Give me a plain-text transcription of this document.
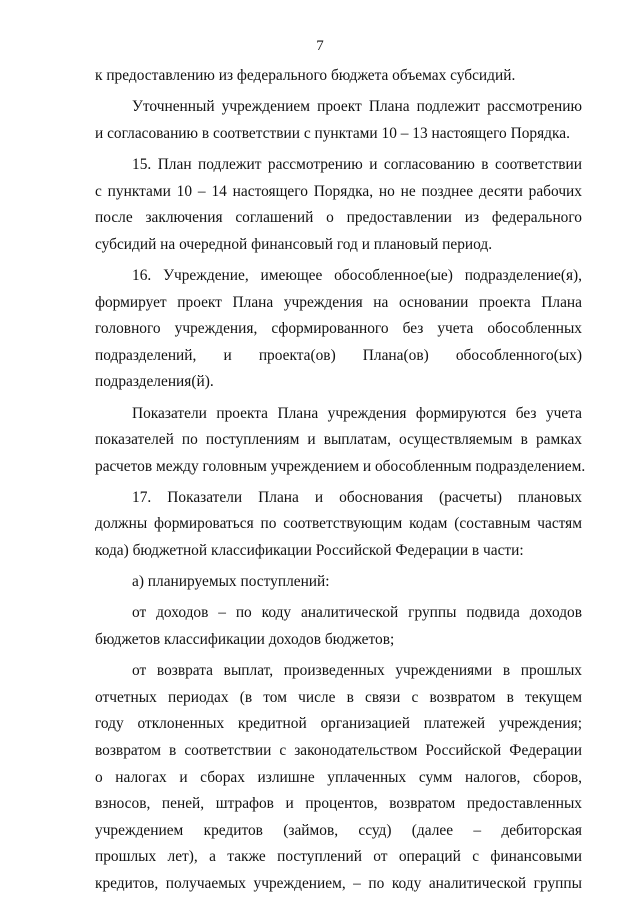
7
к предоставлению из федерального бюджета объемах субсидий.
Уточненный учреждением проект Плана подлежит рассмотрению
и согласованию в соответствии с пунктами 10 – 13 настоящего Порядка.
15. План подлежит рассмотрению и согласованию в соответствии
с пунктами 10 – 14 настоящего Порядка, но не позднее десяти рабочих
после заключения соглашений о предоставлении из федерального
субсидий на очередной финансовый год и плановый период.
16. Учреждение, имеющее обособленное(ые) подразделение(я),
формирует проект Плана учреждения на основании проекта Плана
головного учреждения, сформированного без учета обособленных
подразделений, и проекта(ов) Плана(ов) обособленного(ых)
подразделения(й).
Показатели проекта Плана учреждения формируются без учета
показателей по поступлениям и выплатам, осуществляемым в рамках
расчетов между головным учреждением и обособленным подразделением.
17. Показатели Плана и обоснования (расчеты) плановых
должны формироваться по соответствующим кодам (составным частям
кода) бюджетной классификации Российской Федерации в части:
а) планируемых поступлений:
от доходов – по коду аналитической группы подвида доходов
бюджетов классификации доходов бюджетов;
от возврата выплат, произведенных учреждениями в прошлых
отчетных периодах (в том числе в связи с возвратом в текущем
году отклоненных кредитной организацией платежей учреждения;
возвратом в соответствии с законодательством Российской Федерации
о налогах и сборах излишне уплаченных сумм налогов, сборов,
взносов, пеней, штрафов и процентов, возвратом предоставленных
учреждением кредитов (займов, ссуд) (далее – дебиторская
прошлых лет), а также поступлений от операций с финансовыми
кредитов, получаемых учреждением, – по коду аналитической группы
